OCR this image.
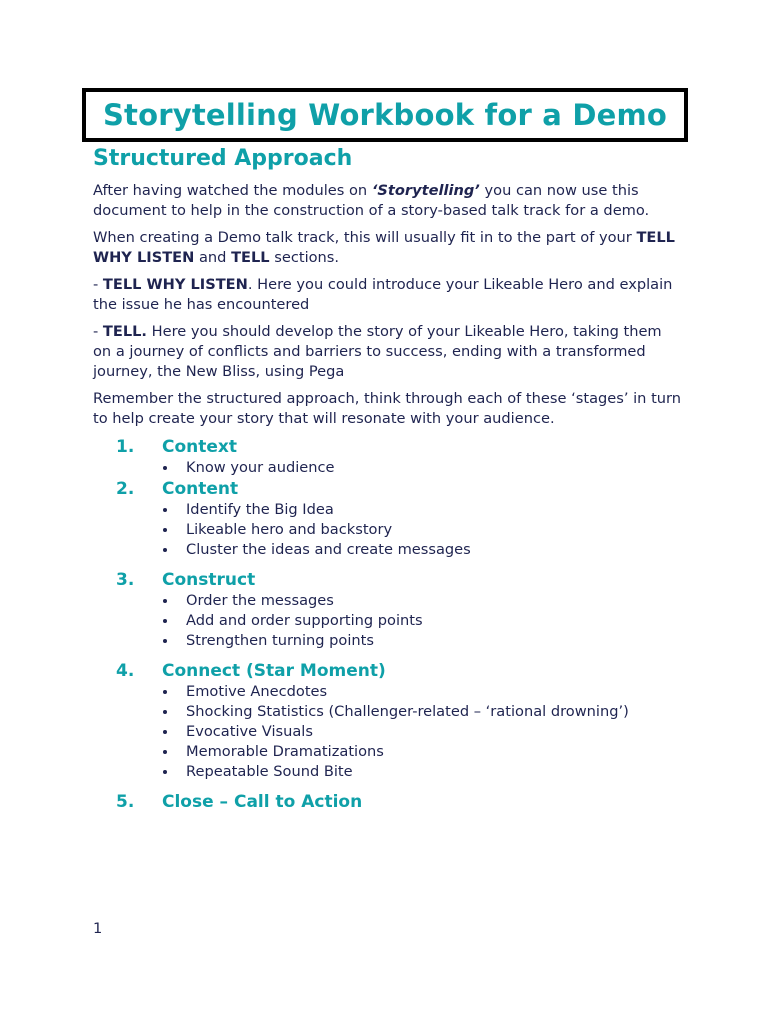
Storytelling Workbook for a Demo
Structured Approach

After having watched the modules on ‘Storytelling’ you can now use this document to help in the construction of a story-based talk track for a demo.

When creating a Demo talk track, this will usually fit in to the part of your TELL WHY LISTEN and TELL sections.

- TELL WHY LISTEN. Here you could introduce your Likeable Hero and explain the issue he has encountered

- TELL. Here you should develop the story of your Likeable Hero, taking them on a journey of conflicts and barriers to success, ending with a transformed journey, the New Bliss, using Pega

Remember the structured approach, think through each of these ‘stages’ in turn to help create your story that will resonate with your audience.

1.	Context
Know your audience
2.	Content
Identify the Big Idea
Likeable hero and backstory
Cluster the ideas and create messages
3.	Construct
Order the messages
Add and order supporting points
Strengthen turning points
4.	Connect (Star Moment)
Emotive Anecdotes
Shocking Statistics (Challenger-related – ‘rational drowning’)
Evocative Visuals
Memorable Dramatizations
Repeatable Sound Bite
5.	Close – Call to Action
1
